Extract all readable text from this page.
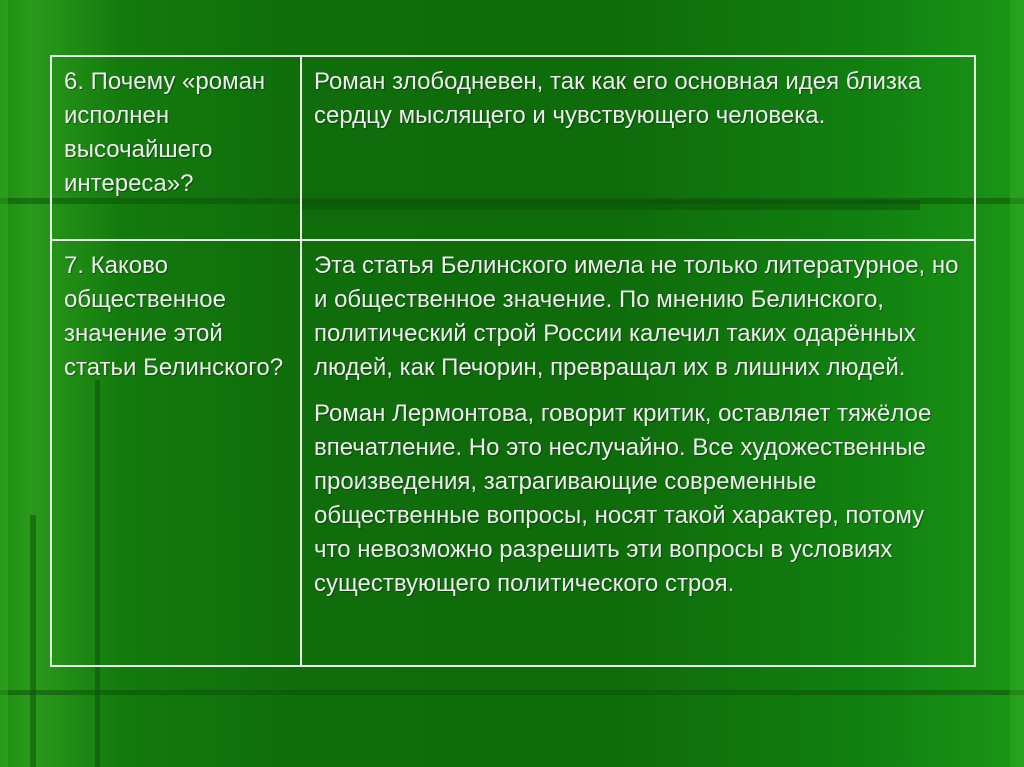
6. Почему «роман исполнен высочайшего интереса»?	Роман злободневен, так как его основная идея близка сердцу мыслящего и чувствующего человека.

7. Каково общественное значение этой статьи Белинского?	Эта статья Белинского имела не только литературное, но и общественное значение. По мнению Белинского, политический строй России калечил таких одарённых людей, как Печорин, превращал их в лишних людей.

Роман Лермонтова, говорит критик, оставляет тяжёлое впечатление. Но это неслучайно. Все художественные произведения, затрагивающие современные общественные вопросы, носят такой характер, потому что невозможно разрешить эти вопросы в условиях существующего политического строя.
